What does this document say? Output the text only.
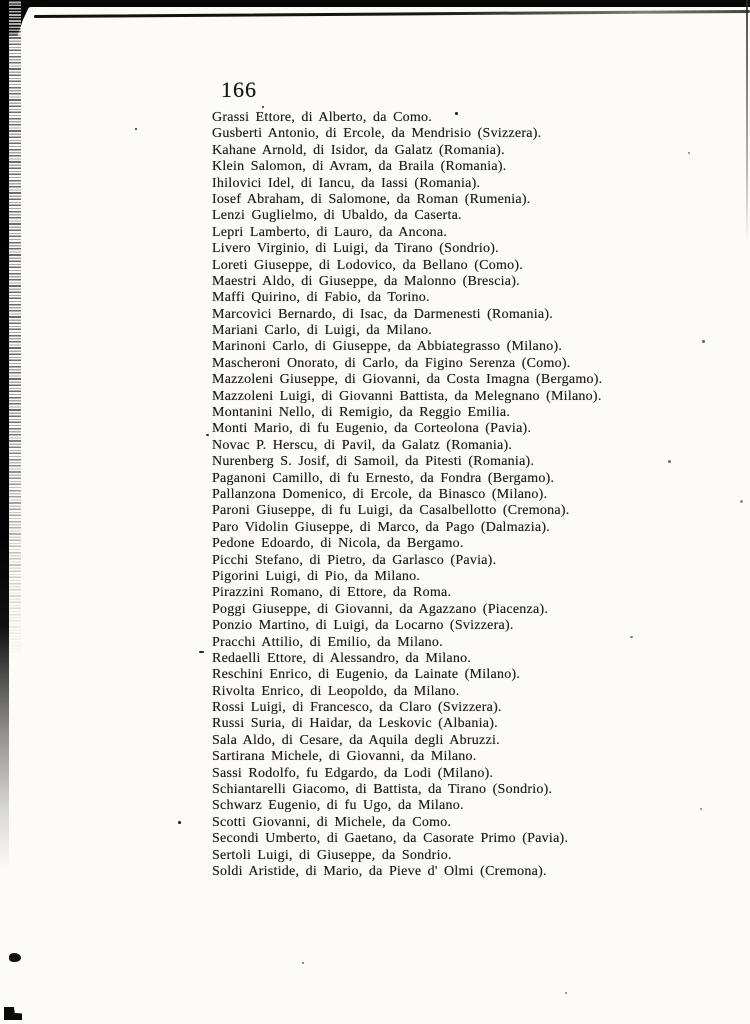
166
Grassi Ettore, di Alberto, da Como.
Gusberti Antonio, di Ercole, da Mendrisio (Svizzera).
Kahane Arnold, di Isidor, da Galatz (Romania).
Klein Salomon, di Avram, da Braila (Romania).
Ihilovici Idel, di Iancu, da Iassi (Romania).
Iosef Abraham, di Salomone, da Roman (Rumenia).
Lenzi Guglielmo, di Ubaldo, da Caserta.
Lepri Lamberto, di Lauro, da Ancona.
Livero Virginio, di Luigi, da Tirano (Sondrio).
Loreti Giuseppe, di Lodovico, da Bellano (Como).
Maestri Aldo, di Giuseppe, da Malonno (Brescia).
Maffi Quirino, di Fabio, da Torino.
Marcovici Bernardo, di Isac, da Darmenesti (Romania).
Mariani Carlo, di Luigi, da Milano.
Marinoni Carlo, di Giuseppe, da Abbiategrasso (Milano).
Mascheroni Onorato, di Carlo, da Figino Serenza (Como).
Mazzoleni Giuseppe, di Giovanni, da Costa Imagna (Bergamo).
Mazzoleni Luigi, di Giovanni Battista, da Melegnano (Milano).
Montanini Nello, di Remigio, da Reggio Emilia.
Monti Mario, di fu Eugenio, da Corteolona (Pavia).
Novac P. Herscu, di Pavil, da Galatz (Romania).
Nurenberg S. Josif, di Samoil, da Pitesti (Romania).
Paganoni Camillo, di fu Ernesto, da Fondra (Bergamo).
Pallanzona Domenico, di Ercole, da Binasco (Milano).
Paroni Giuseppe, di fu Luigi, da Casalbellotto (Cremona).
Paro Vidolin Giuseppe, di Marco, da Pago (Dalmazia).
Pedone Edoardo, di Nicola, da Bergamo.
Picchi Stefano, di Pietro, da Garlasco (Pavia).
Pigorini Luigi, di Pio, da Milano.
Pirazzini Romano, di Ettore, da Roma.
Poggi Giuseppe, di Giovanni, da Agazzano (Piacenza).
Ponzio Martino, di Luigi, da Locarno (Svizzera).
Pracchi Attilio, di Emilio, da Milano.
Redaelli Ettore, di Alessandro, da Milano.
Reschini Enrico, di Eugenio, da Lainate (Milano).
Rivolta Enrico, di Leopoldo, da Milano.
Rossi Luigi, di Francesco, da Claro (Svizzera).
Russi Suria, di Haidar, da Leskovic (Albania).
Sala Aldo, di Cesare, da Aquila degli Abruzzi.
Sartirana Michele, di Giovanni, da Milano.
Sassi Rodolfo, fu Edgardo, da Lodi (Milano).
Schiantarelli Giacomo, di Battista, da Tirano (Sondrio).
Schwarz Eugenio, di fu Ugo, da Milano.
Scotti Giovanni, di Michele, da Como.
Secondi Umberto, di Gaetano, da Casorate Primo (Pavia).
Sertoli Luigi, di Giuseppe, da Sondrio.
Soldi Aristide, di Mario, da Pieve d' Olmi (Cremona).
